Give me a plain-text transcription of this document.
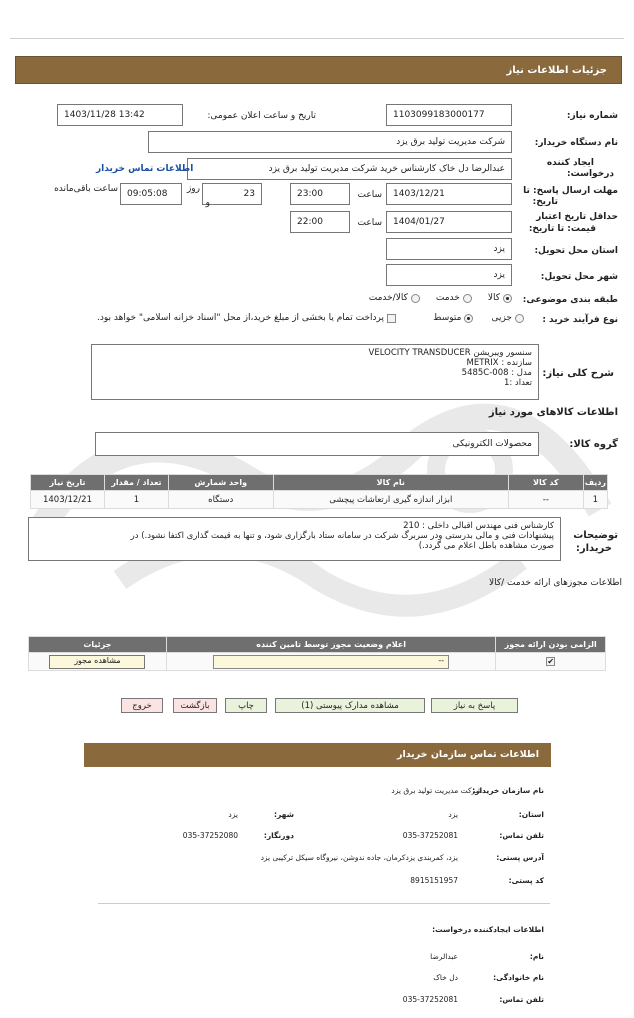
جزئیات اطلاعات نیاز
شماره نیاز:
1103099183000177
تاریخ و ساعت اعلان عمومی:
1403/11/28 13:42
نام دستگاه خریدار:
شرکت مدیریت تولید برق یزد
ایجاد کننده
درخواست:
عبدالرضا دل خاک کارشناس خرید شرکت مدیریت تولید برق یزد
اطلاعات تماس خریدار
مهلت ارسال پاسخ: تا
تاریخ:
1403/12/21
ساعت
23:00
23
روز
و
09:05:08
ساعت باقی‌مانده
حداقل تاریخ اعتبار
قیمت: تا تاریخ:
1404/01/27
ساعت
22:00
استان محل تحویل:
یزد
شهر محل تحویل:
یزد
طبقه بندی موضوعی:
کالا
خدمت
کالا/خدمت
نوع فرآیند خرید :
جزیی
متوسط
پرداخت تمام یا بخشی از مبلغ خرید،از محل "اسناد خزانه اسلامی" خواهد بود.
شرح کلی نیاز:
سنسور ویبریشن VELOCITY TRANSDUCER
سازنده : METRIX
مدل : 5485C-008
تعداد :1
اطلاعات کالاهای مورد نیاز
گروه کالا:
محصولات الکترونیکی
ردیف	کد کالا	نام کالا	واحد شمارش	تعداد / مقدار	تاریخ نیاز
1	--	ابزار اندازه گیری ارتعاشات پیچشی	دستگاه	1	1403/12/21
توضیحات
خریدار:
کارشناس فنی مهندس اقبالی داخلی : 210
پیشنهادات فنی و مالی بدرستی ودر سربرگ شرکت در سامانه ستاد بارگزاری شود، و تنها به قیمت گذاری اکتفا نشود.) در
صورت مشاهده باطل اعلام می گردد.)
اطلاعات مجوزهای ارائه خدمت /کالا
الزامی بودن ارائه مجوز	اعلام وضعیت مجوز توسط تامین کننده	جزئیات
✔	--	مشاهده مجوز
پاسخ به نیاز
مشاهده مدارک پیوستی (1)
چاپ
بازگشت
خروج
اطلاعات تماس سازمان خریدار
نام سازمان خریدار:
شرکت مدیریت تولید برق یزد
استان:
یزد
شهر:
یزد
تلفن تماس:
035-37252081
دورنگار:
035-37252080
آدرس پستی:
یزد، کمربندی یزدکرمان، جاده ندوشن، نیروگاه سیکل ترکیبی یزد
کد پستی:
8915151957
اطلاعات ایجادکننده درخواست:
نام:
عبدالرضا
نام خانوادگی:
دل خاک
تلفن تماس:
035-37252081
